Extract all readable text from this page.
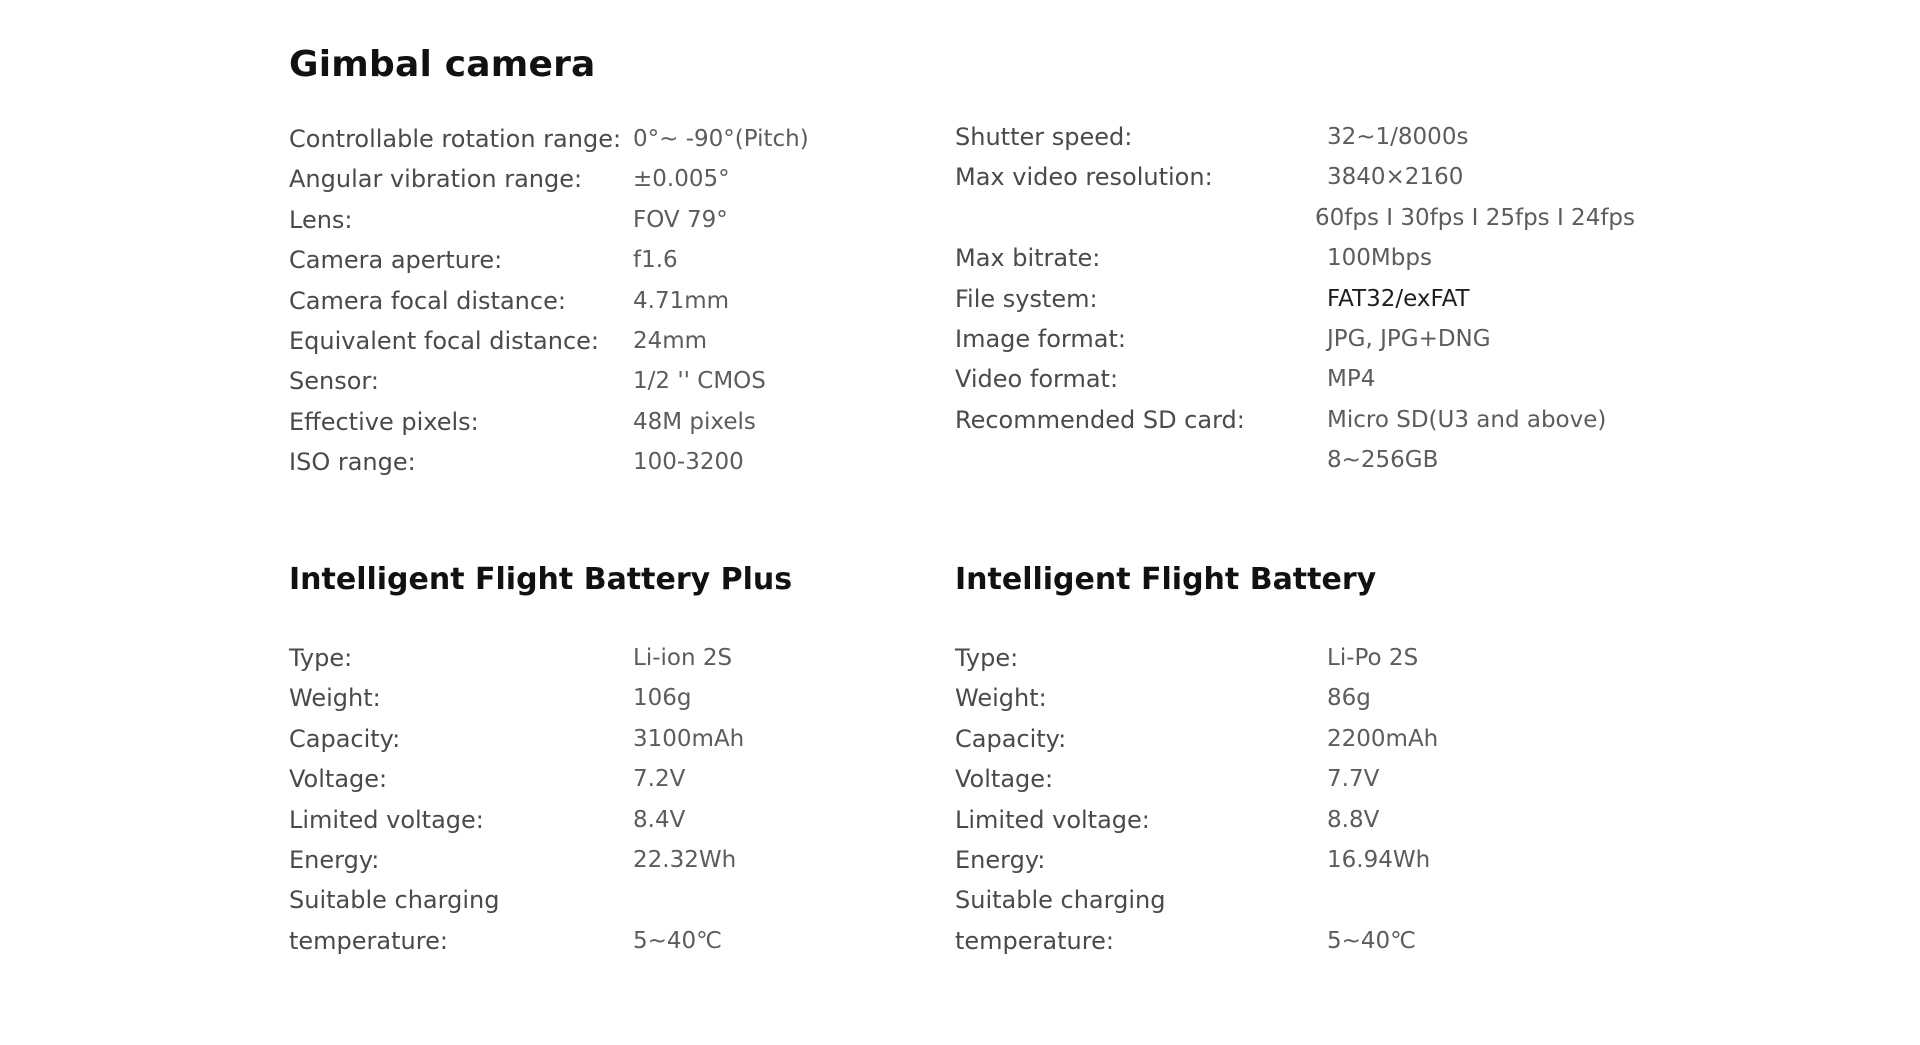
Gimbal camera
Controllable rotation range: 0°~ -90°(Pitch)
Angular vibration range: ±0.005°
Lens:	FOV 79°
Camera aperture:	f1.6
Camera focal distance:	4.71mm
Equivalent focal distance: 24mm
Sensor:	1/2 '' CMOS
Effective pixels:	48M pixels
ISO range:	100-3200
Shutter speed:	32~1/8000s
Max video resolution:	3840×2160
60fps I 30fps I 25fps I 24fps
Max bitrate:	100Mbps
File system:	FAT32/exFAT
Image format:	JPG, JPG+DNG
Video format:	MP4
Recommended SD card:	Micro SD(U3 and above)
8~256GB
Intelligent Flight Battery Plus
Type:	Li-ion 2S
Weight:	106g
Capacity:	3100mAh
Voltage:	7.2V
Limited voltage:	8.4V
Energy:	22.32Wh
Suitable charging
temperature:	5~40℃
Intelligent Flight Battery
Type:	Li-Po 2S
Weight:	86g
Capacity:	2200mAh
Voltage:	7.7V
Limited voltage:	8.8V
Energy:	16.94Wh
Suitable charging
temperature:	5~40℃
